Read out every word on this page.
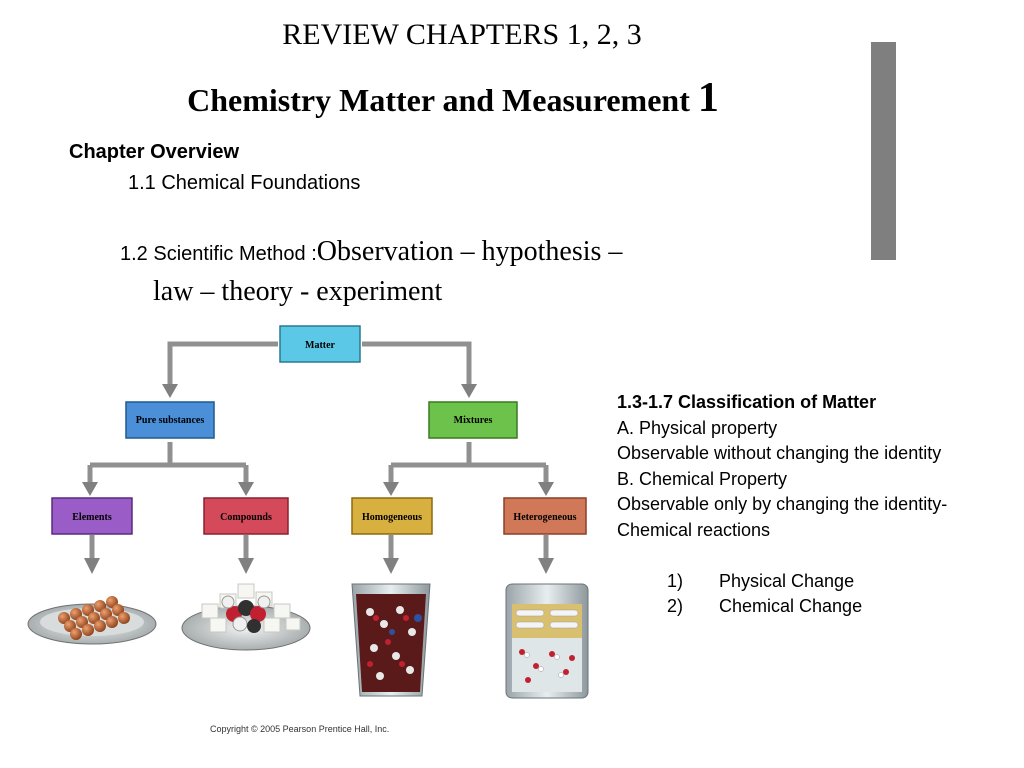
REVIEW CHAPTERS 1, 2, 3
Chemistry Matter and Measurement 1
Chapter Overview
1.1 Chemical Foundations
1.2 Scientific Method :Observation – hypothesis –
law – theory - experiment
Matter
Pure substances	Mixtures
Elements	Compounds	Homogeneous	Heterogeneous
Copyright © 2005 Pearson Prentice Hall, Inc.
1.3-1.7 Classification of Matter
A. Physical property
Observable without changing the identity
B. Chemical Property
Observable only by changing the identity-
Chemical reactions
1)	Physical Change
2)	Chemical Change
